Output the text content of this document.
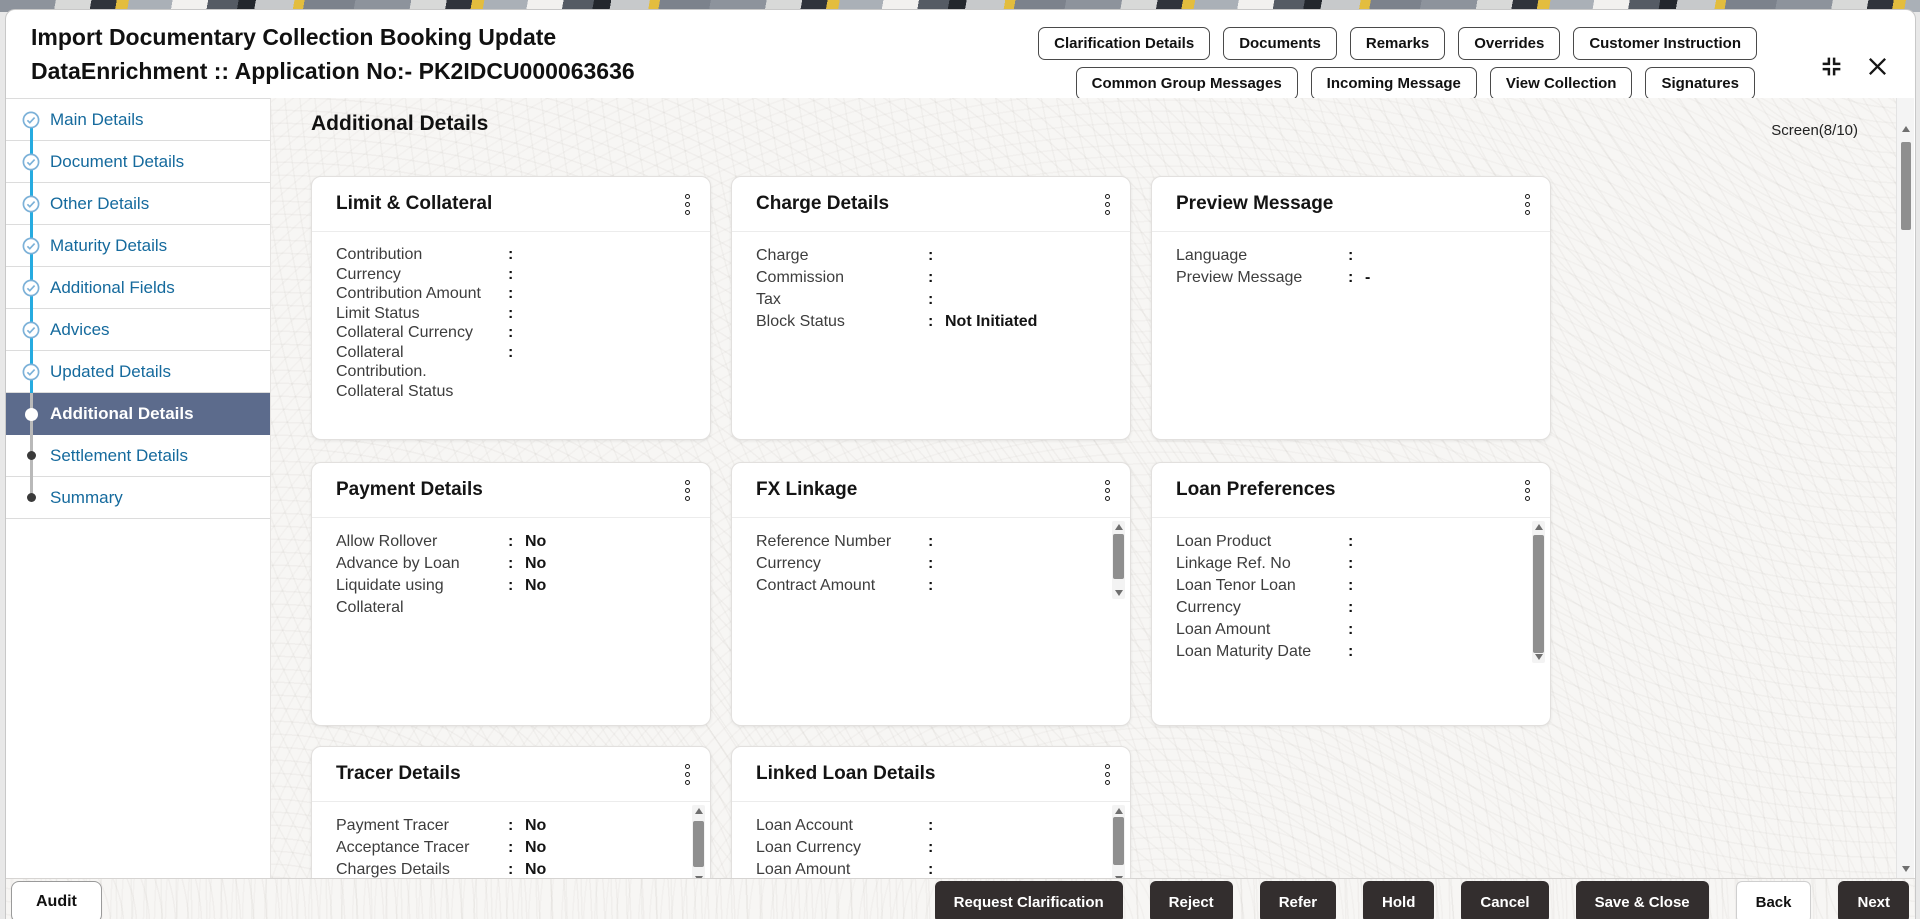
Import Documentary Collection Booking Update
DataEnrichment :: Application No:- PK2IDCU000063636
Clarification Details	Documents	Remarks	Overrides	Customer Instruction
Common Group Messages	Incoming Message	View Collection	Signatures
Main Details
Document Details
Other Details
Maturity Details
Additional Fields
Advices
Updated Details
Additional Details
Settlement Details
Summary
Additional Details	Screen(8/10)
Limit & Collateral
Contribution	:
Currency	:
Contribution Amount	:
Limit Status	:
Collateral Currency	:
Collateral	:
Contribution.
Collateral Status
Charge Details
Charge	:
Commission	:
Tax	:
Block Status	: Not Initiated
Preview Message
Language	:
Preview Message	: -
Payment Details
Allow Rollover	: No
Advance by Loan	: No
Liquidate using	: No
Collateral
FX Linkage
Reference Number	:
Currency	:
Contract Amount	:
Loan Preferences
Loan Product	:
Linkage Ref. No	:
Loan Tenor Loan	:
Currency	:
Loan Amount	:
Loan Maturity Date	:
Tracer Details
Payment Tracer	: No
Acceptance Tracer	: No
Charges Details	: No
Linked Loan Details
Loan Account	:
Loan Currency	:
Loan Amount	:
Audit	Request Clarification	Reject	Refer	Hold	Cancel	Save & Close	Back	Next
